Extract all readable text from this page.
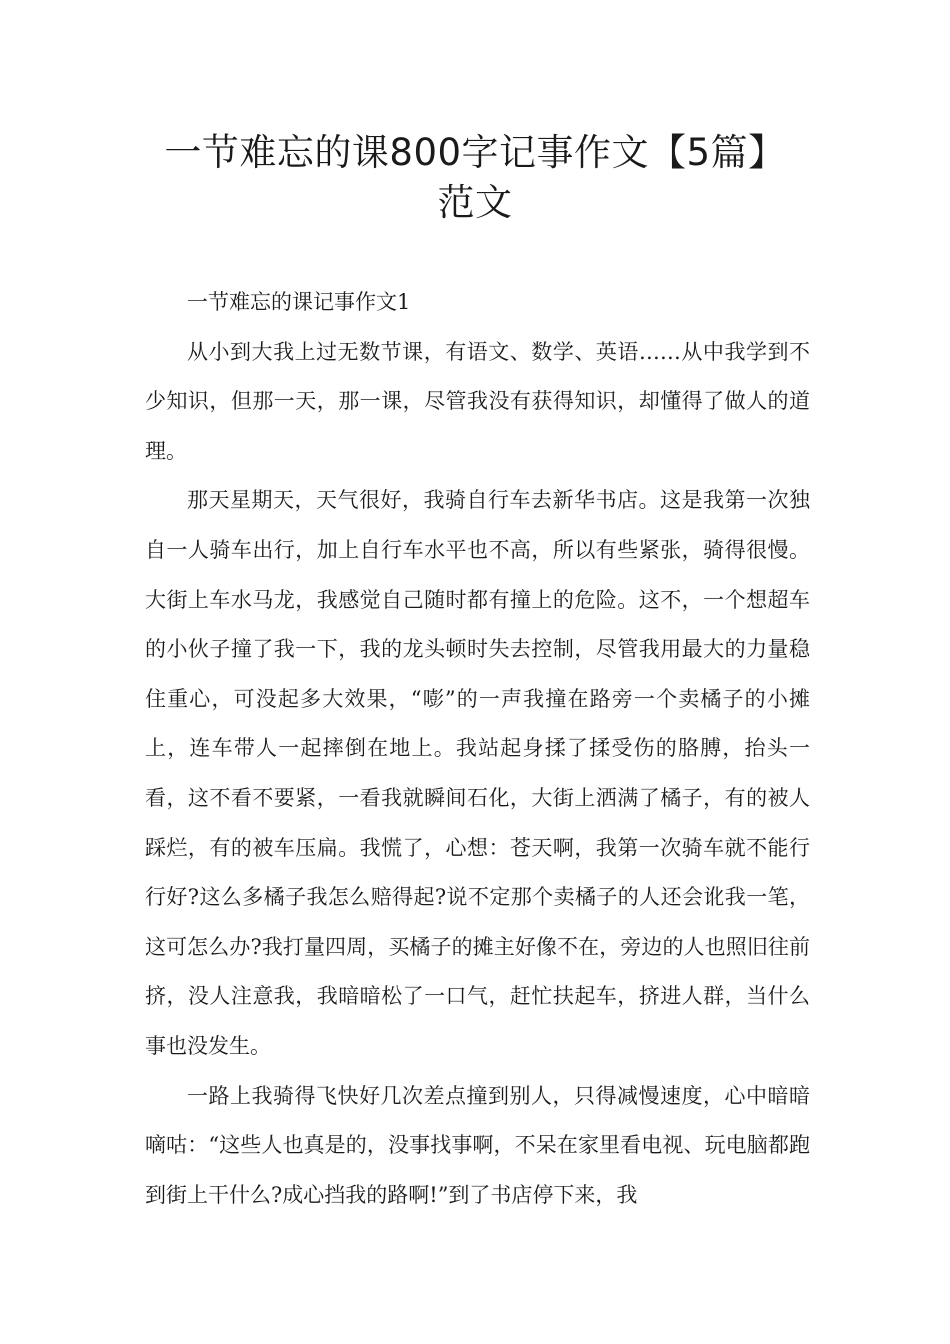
一节难忘的课800字记事作文【5篇】
范文

一节难忘的课记事作文1

从小到大我上过无数节课，有语文、数学、英语……从中我学到不少知识，但那一天，那一课，尽管我没有获得知识，却懂得了做人的道理。

那天星期天，天气很好，我骑自行车去新华书店。这是我第一次独自一人骑车出行，加上自行车水平也不高，所以有些紧张，骑得很慢。大街上车水马龙，我感觉自己随时都有撞上的危险。这不，一个想超车的小伙子撞了我一下，我的龙头顿时失去控制，尽管我用最大的力量稳住重心，可没起多大效果，“嘭”的一声我撞在路旁一个卖橘子的小摊上，连车带人一起摔倒在地上。我站起身揉了揉受伤的胳膊，抬头一看，这不看不要紧，一看我就瞬间石化，大街上洒满了橘子，有的被人踩烂，有的被车压扁。我慌了，心想：苍天啊，我第一次骑车就不能行行好?这么多橘子我怎么赔得起?说不定那个卖橘子的人还会讹我一笔，这可怎么办?我打量四周，买橘子的摊主好像不在，旁边的人也照旧往前挤，没人注意我，我暗暗松了一口气，赶忙扶起车，挤进人群，当什么事也没发生。

一路上我骑得飞快好几次差点撞到别人，只得减慢速度，心中暗暗嘀咕：“这些人也真是的，没事找事啊，不呆在家里看电视、玩电脑都跑到街上干什么?成心挡我的路啊!”到了书店停下来，我
